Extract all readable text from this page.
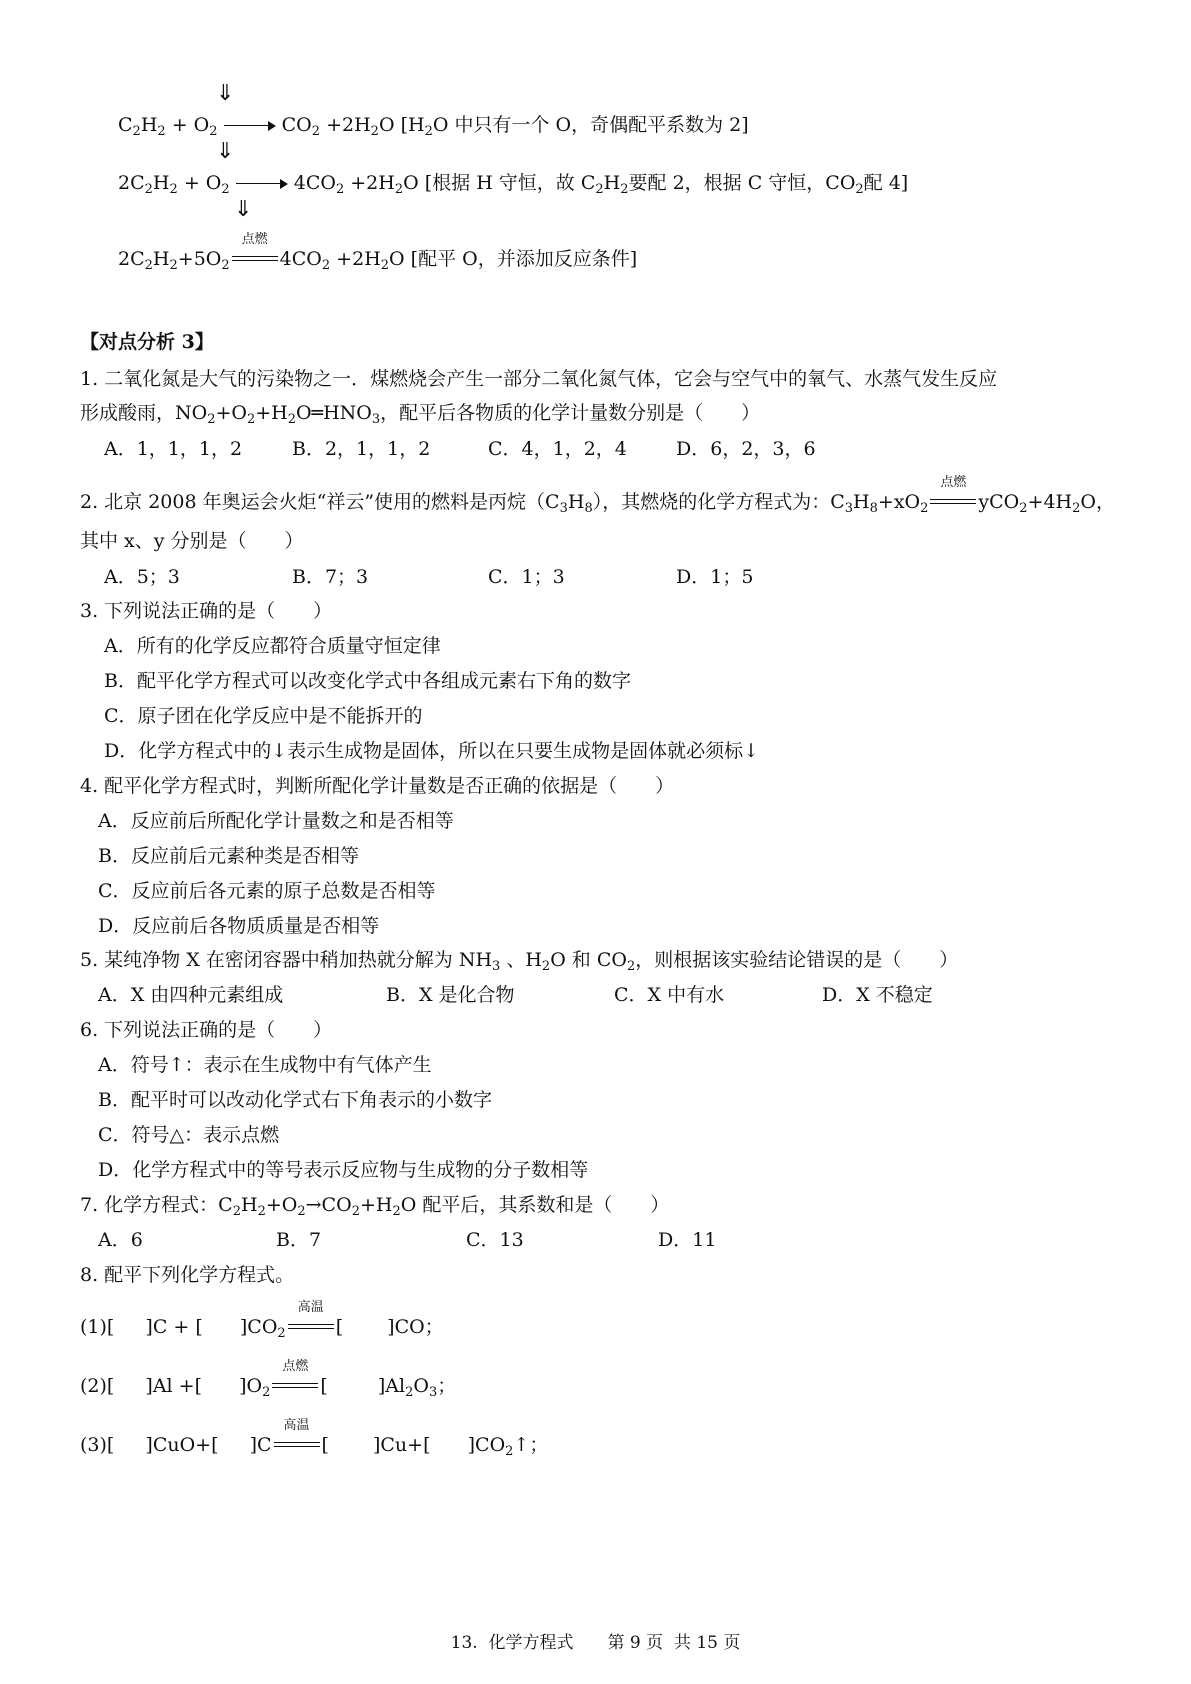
⇓
$C_2H_2 + O_2$	$CO_2 +2H_2O$ [$H_2O$ 中只有一个 O，奇偶配平系数为 2]
⇓
$2C_2H_2 + O_2$	$4CO_2 +2H_2O$ [根据 H 守恒，故 $C_2H_2$要配 2，根据 C 守恒，$CO_2$配 4]
⇓
$2C_2H_2+5O_2$
点燃
$4CO_2 +2H_2O$ [配平 O，并添加反应条件]
【对点分析 3】
1. 二氧化氮是大气的污染物之一．煤燃烧会产生一部分二氧化氮气体，它会与空气中的氧气、水蒸气发生反应
形成酸雨，$NO_2+O_2+H_2O═HNO_3$，配平后各物质的化学计量数分别是（　　）
A．1，1，1，2	B．2，1，1，2	C．4，1，2，4	D．6，2，3，6
2. 北京 2008 年奥运会火炬“祥云”使用的燃料是丙烷$(C_3H_8)$，其燃烧的化学方程式为：$C_3H_8+xO_2$
点燃
$yCO_2+4H_2O$，
其中 x、y 分别是（　　）
A．5；3	B．7；3	C．1；3	D．1；5
3. 下列说法正确的是（　　）
A．所有的化学反应都符合质量守恒定律
B．配平化学方程式可以改变化学式中各组成元素右下角的数字
C．原子团在化学反应中是不能拆开的
D．化学方程式中的↓表示生成物是固体，所以在只要生成物是固体就必须标↓
4. 配平化学方程式时，判断所配化学计量数是否正确的依据是（　　）
A．反应前后所配化学计量数之和是否相等
B．反应前后元素种类是否相等
C．反应前后各元素的原子总数是否相等
D．反应前后各物质质量是否相等
5. 某纯净物 X 在密闭容器中稍加热就分解为 $NH_3$ 、$H_2O$ 和 $CO_2$，则根据该实验结论错误的是（　　）
A．X 由四种元素组成	B．X 是化合物	C．X 中有水	D．X 不稳定
6. 下列说法正确的是（　　）
A．符号↑：表示在生成物中有气体产生
B．配平时可以改动化学式右下角表示的小数字
C．符号△：表示点燃
D．化学方程式中的等号表示反应物与生成物的分子数相等
7. 化学方程式：$C_2H_2+O_2\to CO_2+H_2O$ 配平后，其系数和是（　　）
A．6	B．7	C．13	D．11
8. 配平下列化学方程式。
(1)[　  ]C + [　   ]$CO_2$
高温
[　　 ]CO；
(2)[　  ]Al +[　   ]$O_2$
点燃
[　　  ]$Al_2O_3$；
(3)[　  ]CuO+[　  ]C
高温
[　　 ]Cu+[　   ]$CO_2↑$；
13.  化学方程式　　第 9 页  共 15 页
